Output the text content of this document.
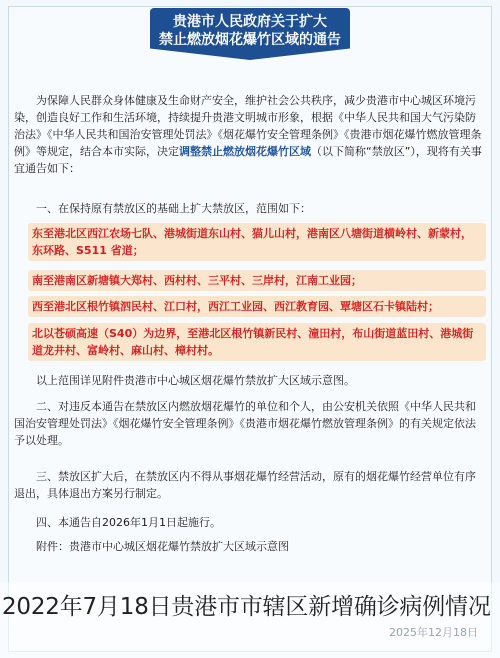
贵港市人民政府关于扩大
禁止燃放烟花爆竹区域的通告
为保障人民群众身体健康及生命财产安全，维护社会公共秩序，减少贵港市中心城区环境污染，创造良好工作和生活环境，持续提升贵港文明城市形象，根据《中华人民共和国大气污染防治法》《中华人民共和国治安管理处罚法》《烟花爆竹安全管理条例》《贵港市烟花爆竹燃放管理条例》等规定，结合本市实际，决定调整禁止燃放烟花爆竹区域（以下简称“禁放区”），现将有关事宜通告如下：
一、在保持原有禁放区的基础上扩大禁放区，范围如下：
东至港北区西江农场七队、港城街道东山村、猫儿山村，港南区八塘街道横岭村、新蒙村，东环路、S511 省道；
南至港南区新塘镇大郑村、西村村、三平村、三岸村，江南工业园；
西至港北区根竹镇泗民村、江口村，西江工业园、西江教育园、覃塘区石卡镇陆村；
北以苍硕高速（S40）为边界，至港北区根竹镇新民村、潼田村，布山街道蓝田村、港城街道龙井村、富岭村、麻山村、樟村村。
以上范围详见附件贵港市中心城区烟花爆竹禁放扩大区域示意图。
二、对违反本通告在禁放区内燃放烟花爆竹的单位和个人，由公安机关依照《中华人民共和国治安管理处罚法》《烟花爆竹安全管理条例》《贵港市烟花爆竹燃放管理条例》的有关规定依法予以处理。
三、禁放区扩大后，在禁放区内不得从事烟花爆竹经营活动，原有的烟花爆竹经营单位有序退出，具体退出方案另行制定。
四、本通告自2026年1月1日起施行。
附件：贵港市中心城区烟花爆竹禁放扩大区域示意图
2022年7月18日贵港市市辖区新增确诊病例情况
2025年12月18日
